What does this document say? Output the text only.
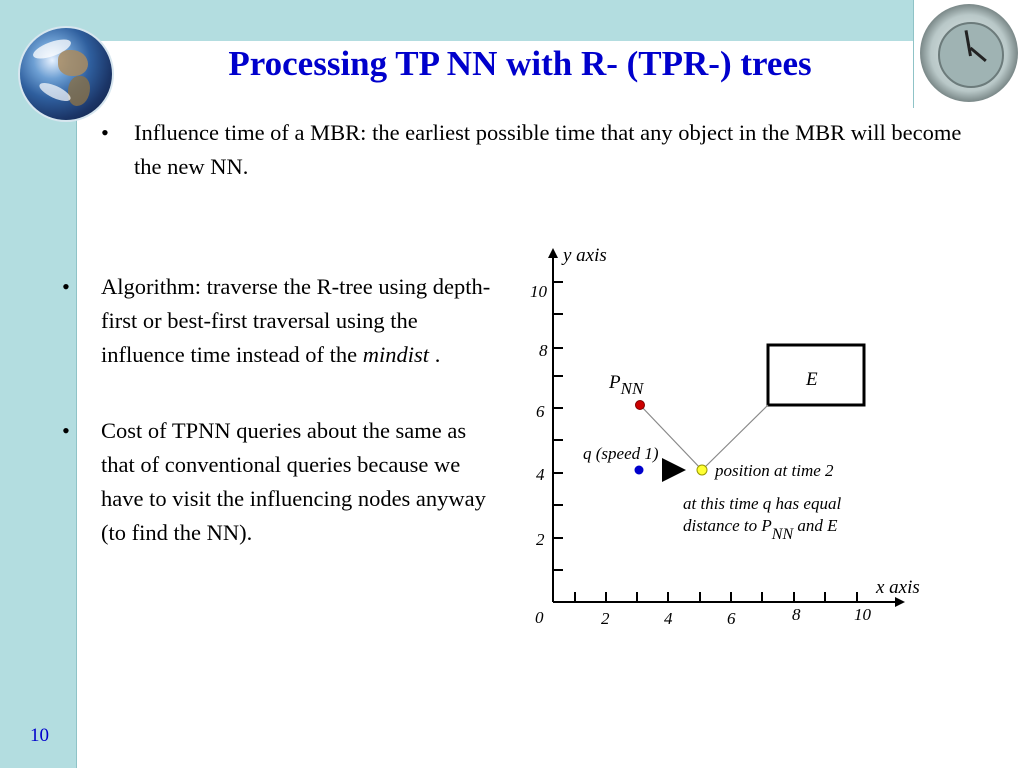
Processing TP NN with R- (TPR-) trees
•	Influence time of a MBR: the earliest possible time that any object in the MBR will become the new NN.
•	Algorithm: traverse the R-tree using depth-first or best-first traversal using the influence time instead of the mindist .
•	Cost of TPNN queries about the same as that of conventional queries because we have to visit the influencing nodes anyway (to find the NN).
y axis
x axis
0
2
4
6
8
10
2	4	6	8	10
E
PNN
q (speed 1)
position at time 2
at this time q has equal
distance to PNN and E
10
